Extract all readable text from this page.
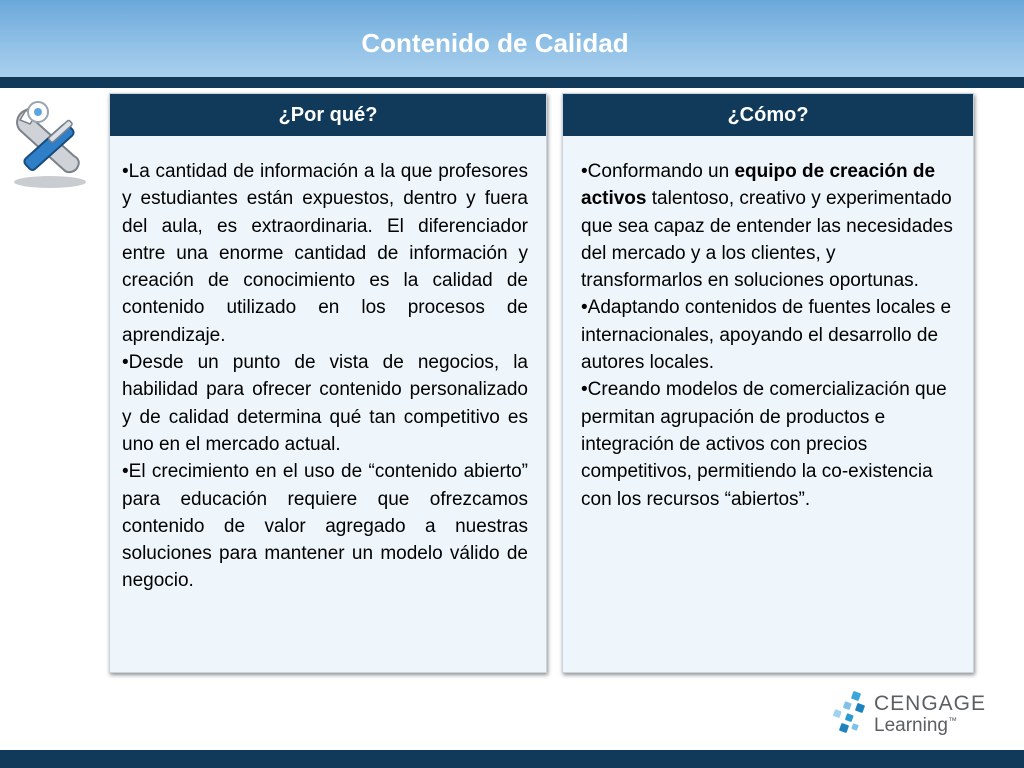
Contenido de Calidad
¿Por qué?

•La cantidad de información a la que profesores y estudiantes están expuestos, dentro y fuera del aula, es extraordinaria. El diferenciador entre una enorme cantidad de información y creación de conocimiento es la calidad de contenido utilizado en los procesos de aprendizaje.

•Desde un punto de vista de negocios, la habilidad para ofrecer contenido personalizado y de calidad determina qué tan competitivo es uno en el mercado actual.

•El crecimiento en el uso de “contenido abierto” para educación requiere que ofrezcamos contenido de valor agregado a nuestras soluciones para mantener un modelo válido de negocio.

¿Cómo?

•Conformando un equipo de creación de activos talentoso, creativo y experimentado que sea capaz de entender las necesidades del mercado y a los clientes, y transformarlos en soluciones oportunas.

•Adaptando contenidos de fuentes locales e internacionales, apoyando el desarrollo de autores locales.

•Creando modelos de comercialización que permitan agrupación de productos e integración de activos con precios competitivos, permitiendo la co-existencia con los recursos “abiertos”.

CENGAGE
Learning™
